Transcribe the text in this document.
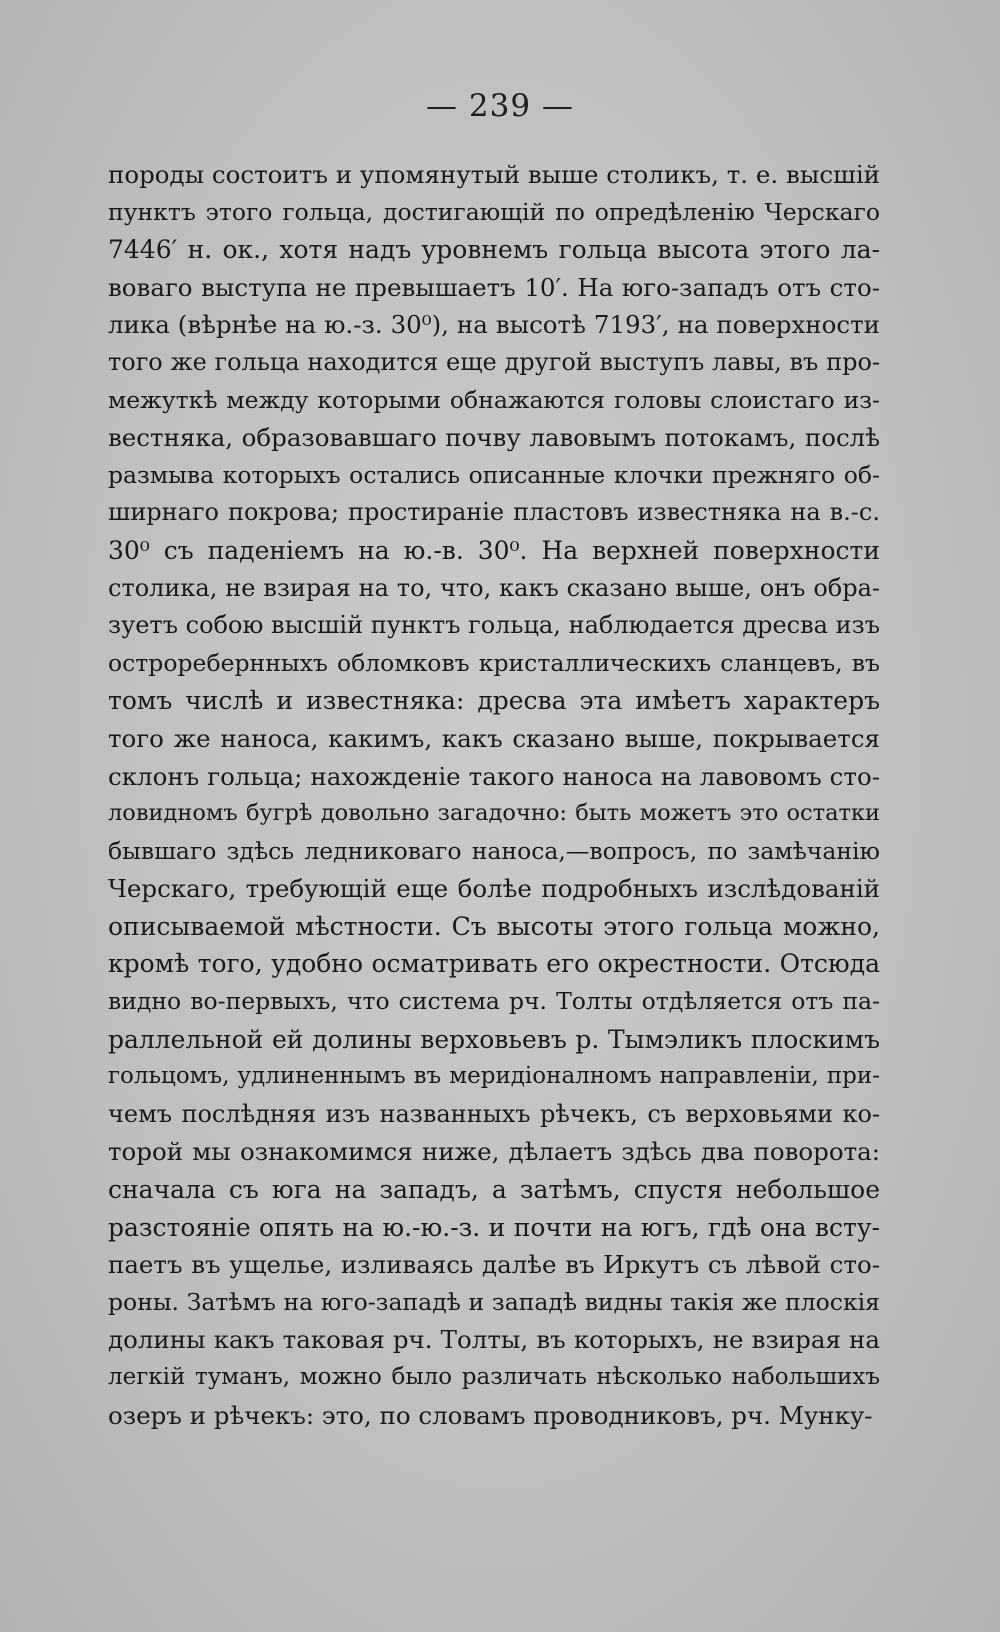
— 239 —
породы состоитъ и упомянутый выше столикъ, т. е. высшій
пунктъ этого гольца, достигающій по опредѣленію Черскаго
7446′ н. ок., хотя надъ уровнемъ гольца высота этого ла-
воваго выступа не превышаетъ 10′. На юго-западъ отъ сто-
лика (вѣрнѣе на ю.-з. 30⁰), на высотѣ 7193′, на поверхности
того же гольца находится еще другой выступъ лавы, въ про-
межуткѣ между которыми обнажаются головы слоистаго из-
вестняка, образовавшаго почву лавовымъ потокамъ, послѣ
размыва которыхъ остались описанные клочки прежняго об-
ширнаго покрова; простираніе пластовъ известняка на в.-с.
30⁰ съ паденіемъ на ю.-в. 30⁰. На верхней поверхности
столика, не взирая на то, что, какъ сказано выше, онъ обра-
зуетъ собою высшій пунктъ гольца, наблюдается дресва изъ
остроребернныхъ обломковъ кристаллическихъ сланцевъ, въ
томъ числѣ и известняка: дресва эта имѣетъ характеръ
того же наноса, какимъ, какъ сказано выше, покрывается
склонъ гольца; нахожденіе такого наноса на лавовомъ сто-
ловидномъ бугрѣ довольно загадочно: быть можетъ это остатки
бывшаго здѣсь ледниковаго наноса,—вопросъ, по замѣчанію
Черскаго, требующій еще болѣе подробныхъ изслѣдованій
описываемой мѣстности. Съ высоты этого гольца можно,
кромѣ того, удобно осматривать его окрестности. Отсюда
видно во-первыхъ, что система рч. Толты отдѣляется отъ па-
раллельной ей долины верховьевъ р. Тымэликъ плоскимъ
гольцомъ, удлиненнымъ въ меридіоналномъ направленіи, при-
чемъ послѣдняя изъ названныхъ рѣчекъ, съ верховьями ко-
торой мы ознакомимся ниже, дѣлаетъ здѣсь два поворота:
сначала съ юга на западъ, а затѣмъ, спустя небольшое
разстояніе опять на ю.-ю.-з. и почти на югъ, гдѣ она всту-
паетъ въ ущелье, изливаясь далѣе въ Иркутъ съ лѣвой сто-
роны. Затѣмъ на юго-западѣ и западѣ видны такія же плоскія
долины какъ таковая рч. Толты, въ которыхъ, не взирая на
легкій туманъ, можно было различать нѣсколько набольшихъ
озеръ и рѣчекъ: это, по словамъ проводниковъ, рч. Мунку-
